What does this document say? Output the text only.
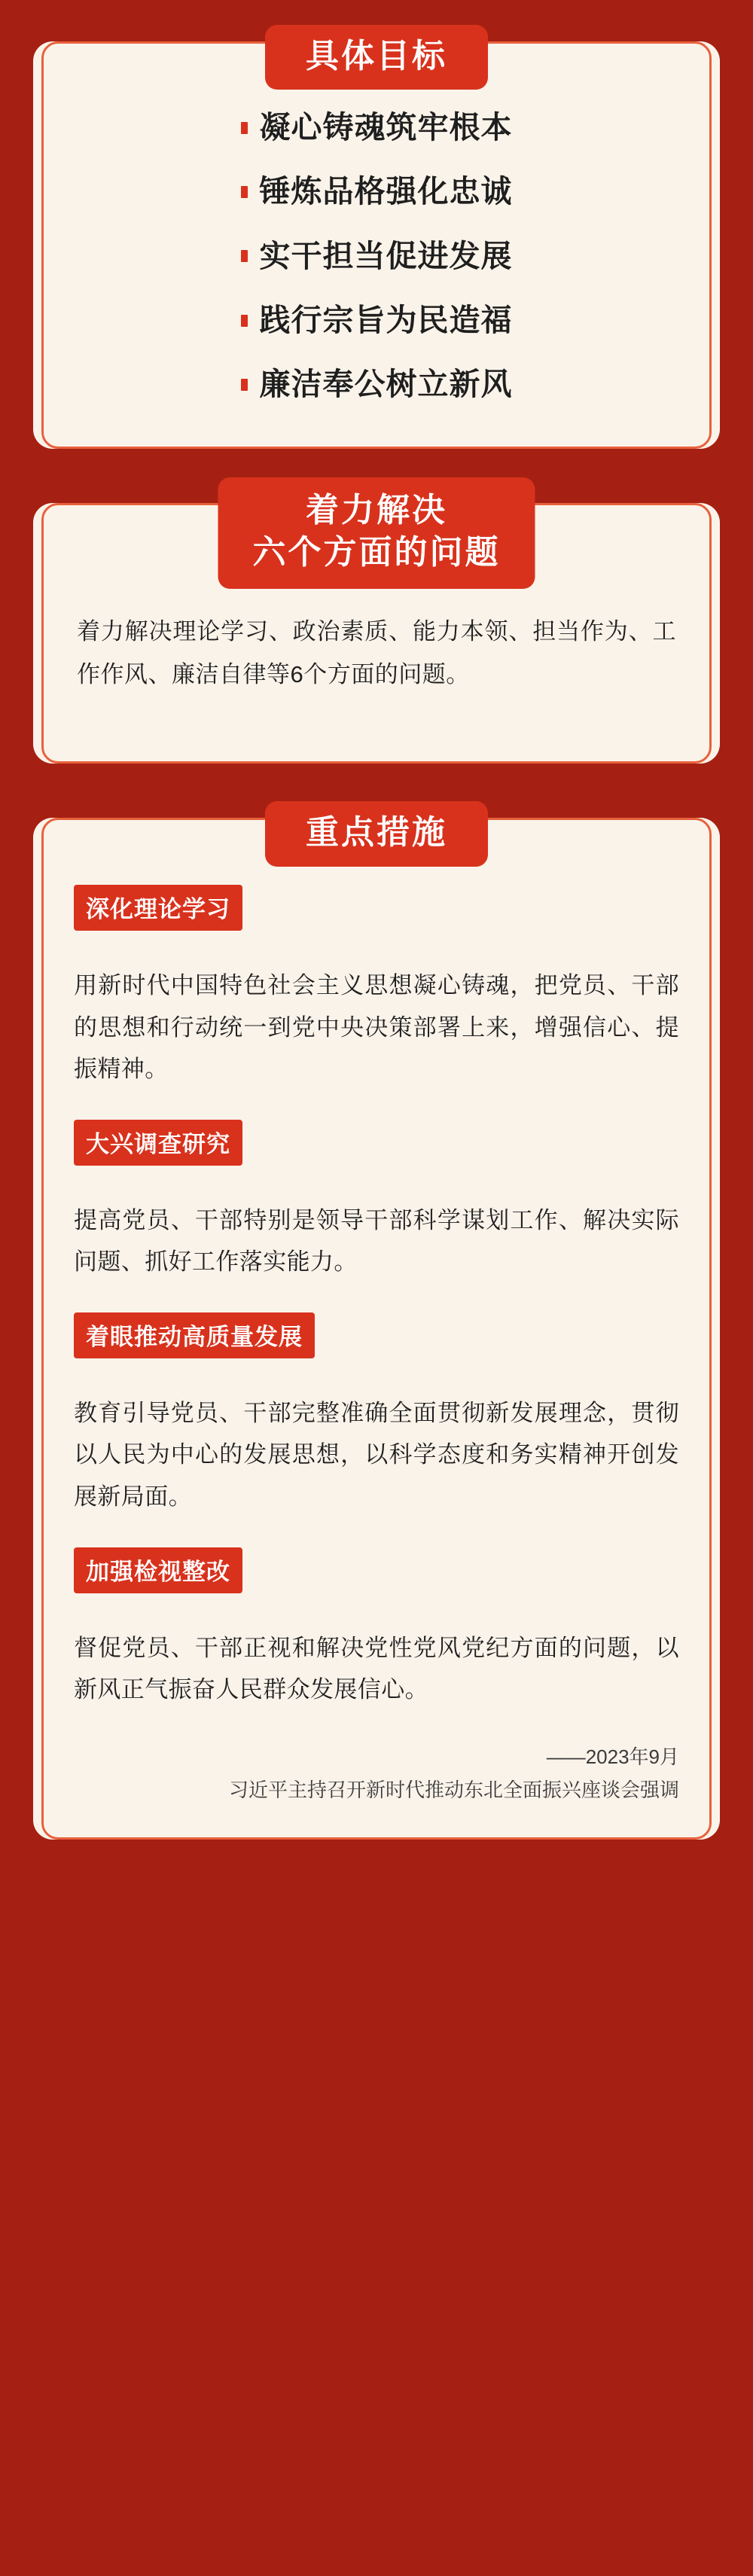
具体目标
凝心铸魂筑牢根本
锤炼品格强化忠诚
实干担当促进发展
践行宗旨为民造福
廉洁奉公树立新风
着力解决
六个方面的问题

着力解决理论学习、政治素质、能力本领、担当作为、工作作风、廉洁自律等6个方面的问题。

重点措施
深化理论学习

用新时代中国特色社会主义思想凝心铸魂，把党员、干部的思想和行动统一到党中央决策部署上来，增强信心、提振精神。

大兴调查研究

提高党员、干部特别是领导干部科学谋划工作、解决实际问题、抓好工作落实能力。

着眼推动高质量发展

教育引导党员、干部完整准确全面贯彻新发展理念，贯彻以人民为中心的发展思想，以科学态度和务实精神开创发展新局面。

加强检视整改

督促党员、干部正视和解决党性党风党纪方面的问题，以新风正气振奋人民群众发展信心。

——2023年9月
习近平主持召开新时代推动东北全面振兴座谈会强调
